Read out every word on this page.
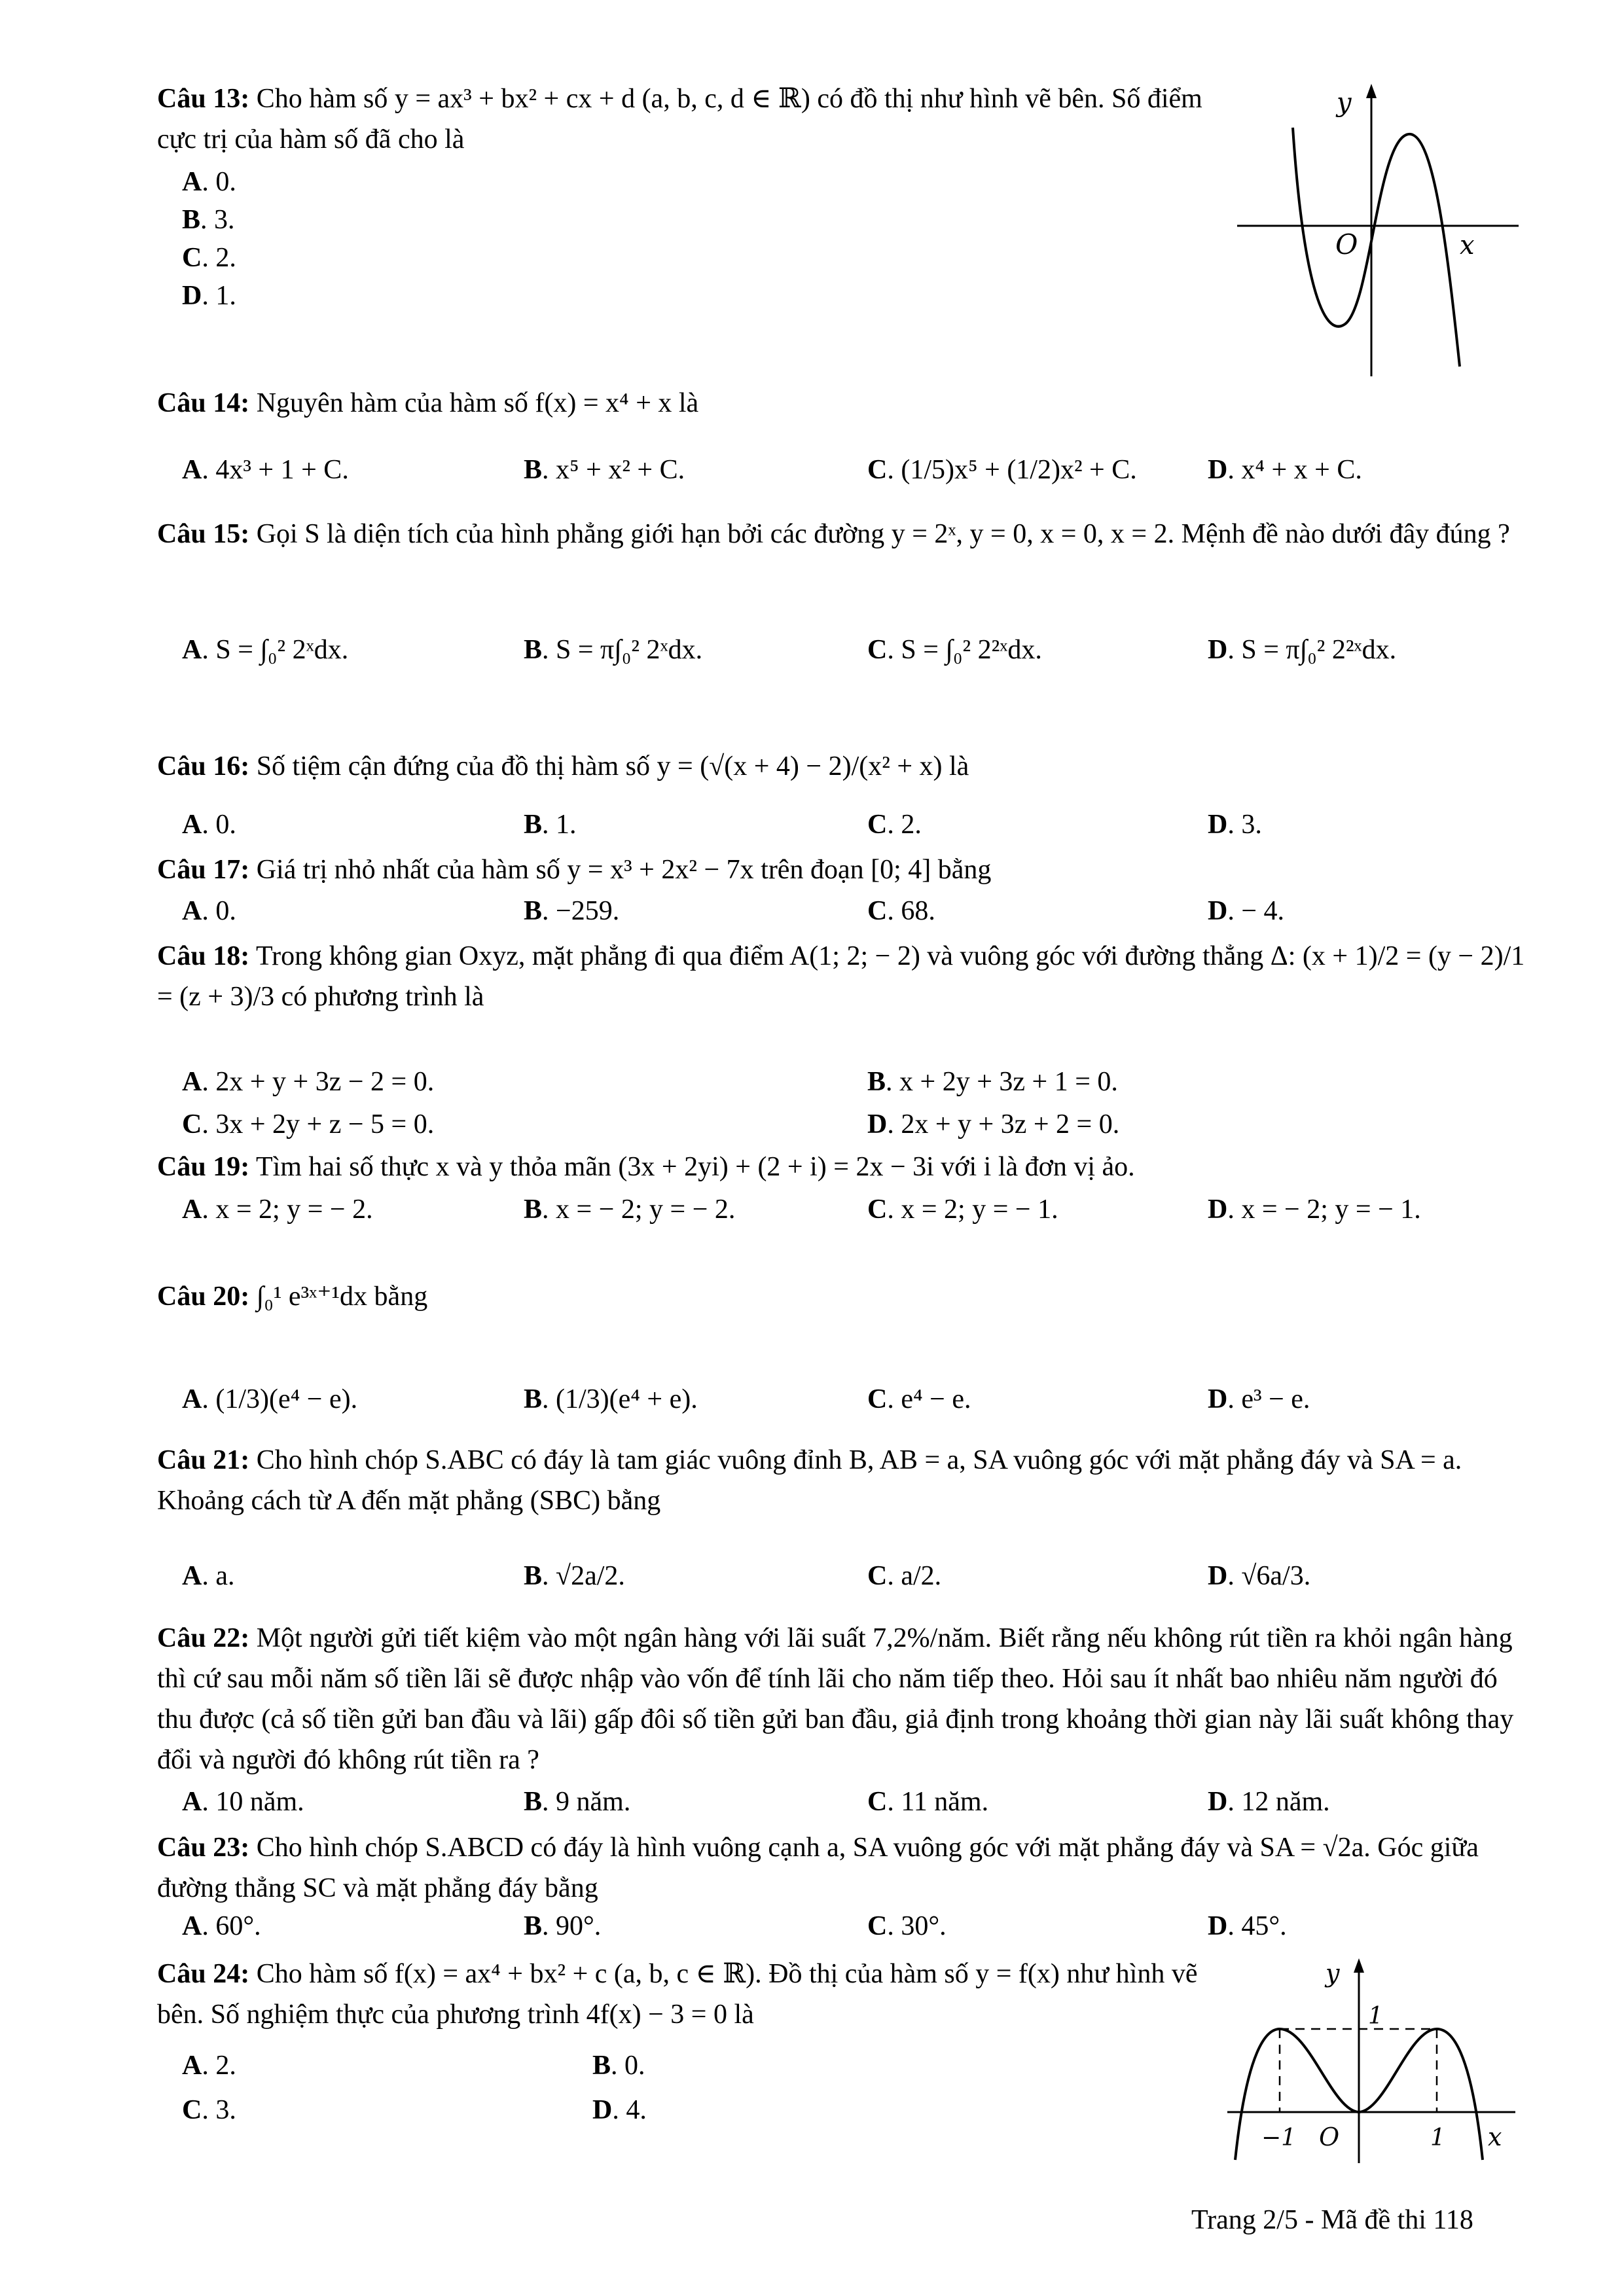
Câu 13: Cho hàm số y = ax³ + bx² + cx + d (a, b, c, d ∈ ℝ) có đồ thị như hình vẽ bên. Số điểm cực trị của hàm số đã cho là
A. 0.
B. 3.
C. 2.
D. 1.
y
O	x
Câu 14: Nguyên hàm của hàm số f(x) = x⁴ + x là
A. 4x³ + 1 + C.	B. x⁵ + x² + C.	C. (1/5)x⁵ + (1/2)x² + C.	D. x⁴ + x + C.
Câu 15: Gọi S là diện tích của hình phẳng giới hạn bởi các đường y = 2ˣ, y = 0, x = 0, x = 2. Mệnh đề nào dưới đây đúng ?
A. S = ∫₀² 2ˣdx.	B. S = π∫₀² 2ˣdx.	C. S = ∫₀² 2²ˣdx.	D. S = π∫₀² 2²ˣdx.
Câu 16: Số tiệm cận đứng của đồ thị hàm số y = (√(x + 4) − 2)/(x² + x) là
A. 0.	B. 1.	C. 2.	D. 3.
Câu 17: Giá trị nhỏ nhất của hàm số y = x³ + 2x² − 7x trên đoạn [0; 4] bằng
A. 0.	B. −259.	C. 68.	D. − 4.
Câu 18: Trong không gian Oxyz, mặt phẳng đi qua điểm A(1; 2; − 2) và vuông góc với đường thẳng Δ: (x + 1)/2 = (y − 2)/1 = (z + 3)/3 có phương trình là
A. 2x + y + 3z − 2 = 0.	B. x + 2y + 3z + 1 = 0.
C. 3x + 2y + z − 5 = 0.	D. 2x + y + 3z + 2 = 0.
Câu 19: Tìm hai số thực x và y thỏa mãn (3x + 2yi) + (2 + i) = 2x − 3i với i là đơn vị ảo.
A. x = 2; y = − 2.	B. x = − 2; y = − 2.	C. x = 2; y = − 1.	D. x = − 2; y = − 1.
Câu 20: ∫₀¹ e³ˣ⁺¹dx bằng
A. (1/3)(e⁴ − e).	B. (1/3)(e⁴ + e).	C. e⁴ − e.	D. e³ − e.
Câu 21: Cho hình chóp S.ABC có đáy là tam giác vuông đỉnh B, AB = a, SA vuông góc với mặt phẳng đáy và SA = a. Khoảng cách từ A đến mặt phẳng (SBC) bằng
A. a.	B. √2a/2.	C. a/2.	D. √6a/3.
Câu 22: Một người gửi tiết kiệm vào một ngân hàng với lãi suất 7,2%/năm. Biết rằng nếu không rút tiền ra khỏi ngân hàng thì cứ sau mỗi năm số tiền lãi sẽ được nhập vào vốn để tính lãi cho năm tiếp theo. Hỏi sau ít nhất bao nhiêu năm người đó thu được (cả số tiền gửi ban đầu và lãi) gấp đôi số tiền gửi ban đầu, giả định trong khoảng thời gian này lãi suất không thay đổi và người đó không rút tiền ra ?
A. 10 năm.	B. 9 năm.	C. 11 năm.	D. 12 năm.
Câu 23: Cho hình chóp S.ABCD có đáy là hình vuông cạnh a, SA vuông góc với mặt phẳng đáy và SA = √2a. Góc giữa đường thẳng SC và mặt phẳng đáy bằng
A. 60°.	B. 90°.	C. 30°.	D. 45°.
Câu 24: Cho hàm số f(x) = ax⁴ + bx² + c (a, b, c ∈ ℝ). Đồ thị của hàm số y = f(x) như hình vẽ bên. Số nghiệm thực của phương trình 4f(x) − 3 = 0 là
A. 2.	B. 0.
C. 3.	D. 4.
y
1
−1 O	1 x
Trang 2/5 - Mã đề thi 118
